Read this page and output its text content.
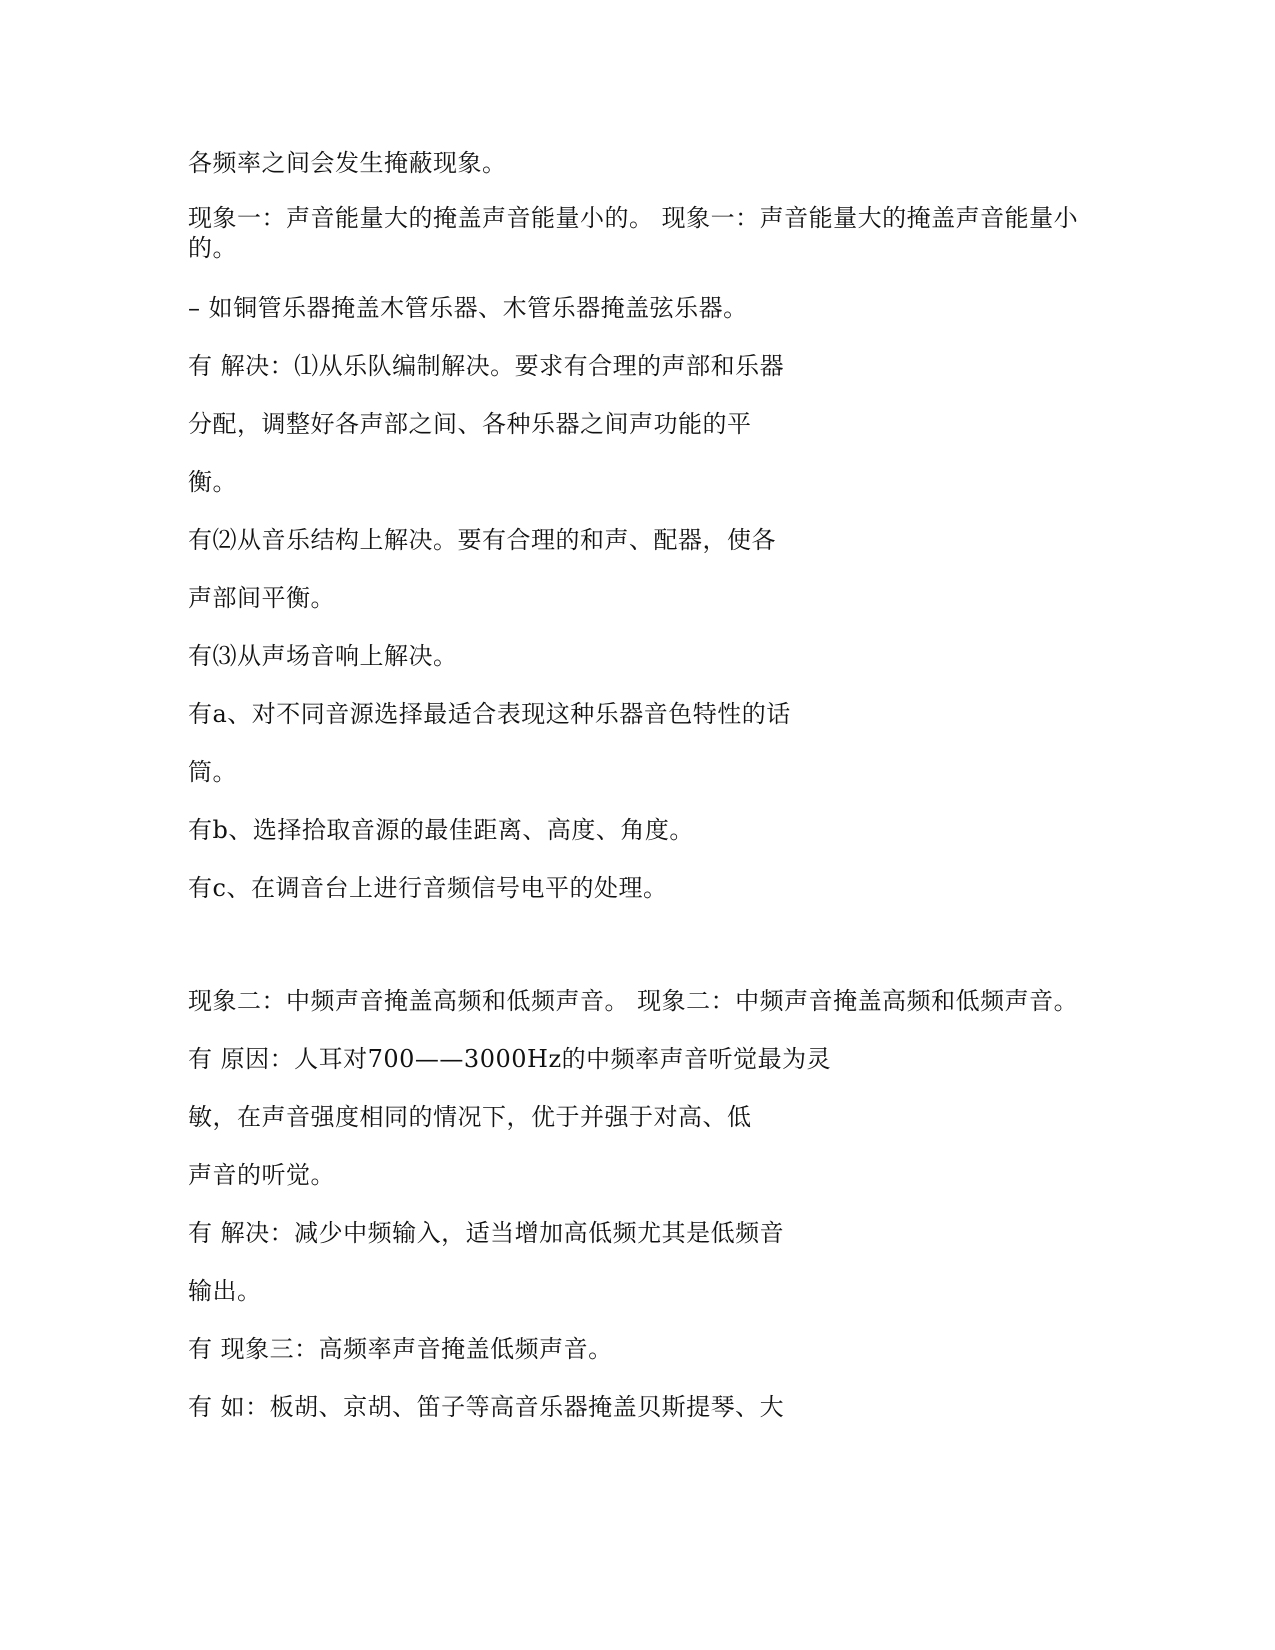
各频率之间会发生掩蔽现象。
现象一：声音能量大的掩盖声音能量小的。 现象一：声音能量大的掩盖声音能量小的。
– 如铜管乐器掩盖木管乐器、木管乐器掩盖弦乐器。
有 解决：⑴从乐队编制解决。要求有合理的声部和乐器
分配，调整好各声部之间、各种乐器之间声功能的平
衡。
有⑵从音乐结构上解决。要有合理的和声、配器，使各
声部间平衡。
有⑶从声场音响上解决。
有a、对不同音源选择最适合表现这种乐器音色特性的话
筒。
有b、选择拾取音源的最佳距离、高度、角度。
有c、在调音台上进行音频信号电平的处理。
现象二：中频声音掩盖高频和低频声音。 现象二：中频声音掩盖高频和低频声音。
有 原因：人耳对700——3000Hz的中频率声音听觉最为灵
敏，在声音强度相同的情况下，优于并强于对高、低
声音的听觉。
有 解决：减少中频输入，适当增加高低频尤其是低频音
输出。
有 现象三：高频率声音掩盖低频声音。
有 如：板胡、京胡、笛子等高音乐器掩盖贝斯提琴、大
